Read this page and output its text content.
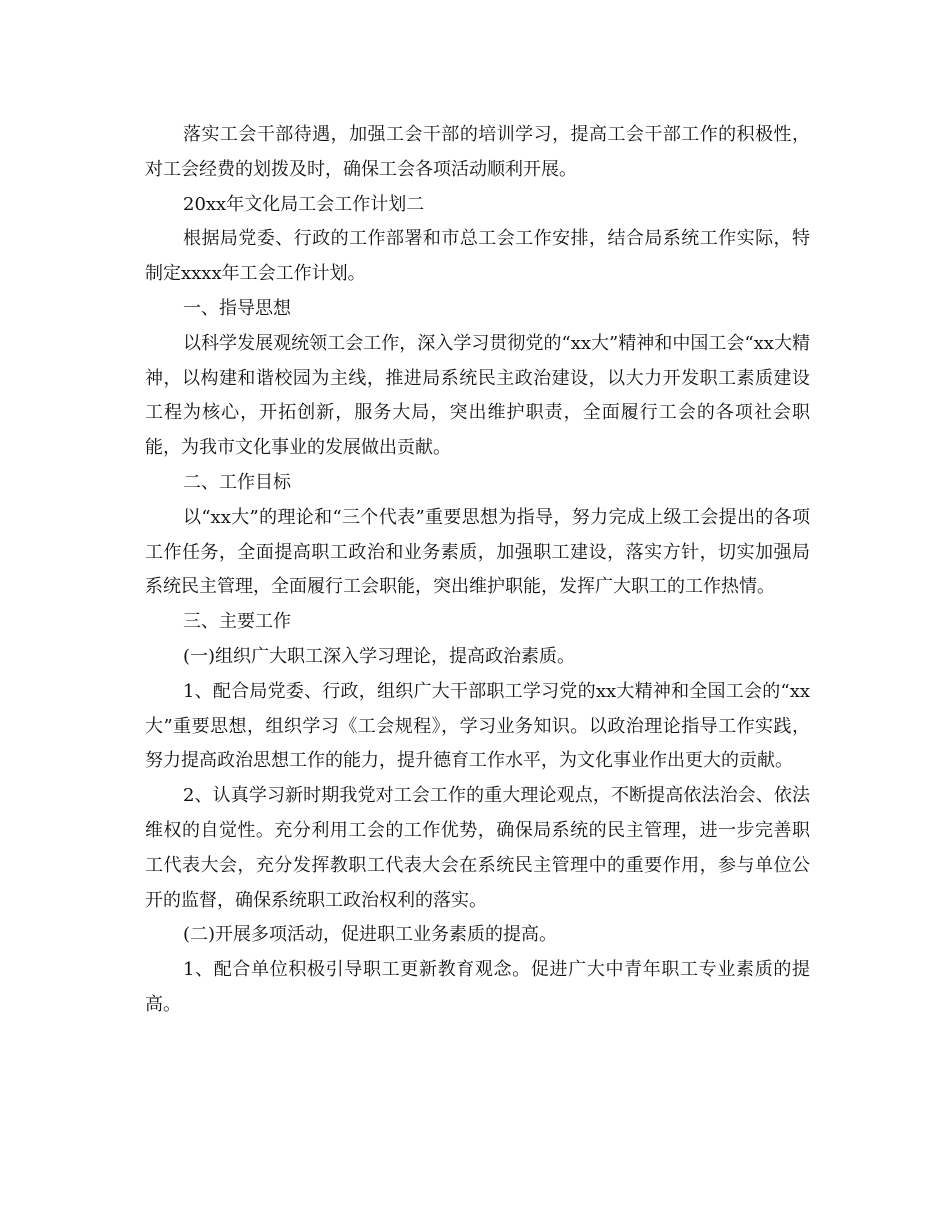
落实工会干部待遇，加强工会干部的培训学习，提高工会干部工作的积极性，对工会经费的划拨及时，确保工会各项活动顺利开展。

20xx年文化局工会工作计划二

根据局党委、行政的工作部署和市总工会工作安排，结合局系统工作实际，特制定xxxx年工会工作计划。

一、指导思想

以科学发展观统领工会工作，深入学习贯彻党的“xx大”精神和中国工会“xx大精神，以构建和谐校园为主线，推进局系统民主政治建设，以大力开发职工素质建设工程为核心，开拓创新，服务大局，突出维护职责，全面履行工会的各项社会职能，为我市文化事业的发展做出贡献。

二、工作目标

以“xx大”的理论和“三个代表”重要思想为指导，努力完成上级工会提出的各项工作任务，全面提高职工政治和业务素质，加强职工建设，落实方针，切实加强局系统民主管理，全面履行工会职能，突出维护职能，发挥广大职工的工作热情。

三、主要工作

(一)组织广大职工深入学习理论，提高政治素质。

1、配合局党委、行政，组织广大干部职工学习党的xx大精神和全国工会的“xx大”重要思想，组织学习《工会规程》，学习业务知识。以政治理论指导工作实践，努力提高政治思想工作的能力，提升德育工作水平，为文化事业作出更大的贡献。

2、认真学习新时期我党对工会工作的重大理论观点，不断提高依法治会、依法维权的自觉性。充分利用工会的工作优势，确保局系统的民主管理，进一步完善职工代表大会，充分发挥教职工代表大会在系统民主管理中的重要作用，参与单位公开的监督，确保系统职工政治权利的落实。

(二)开展多项活动，促进职工业务素质的提高。

1、配合单位积极引导职工更新教育观念。促进广大中青年职工专业素质的提高。
